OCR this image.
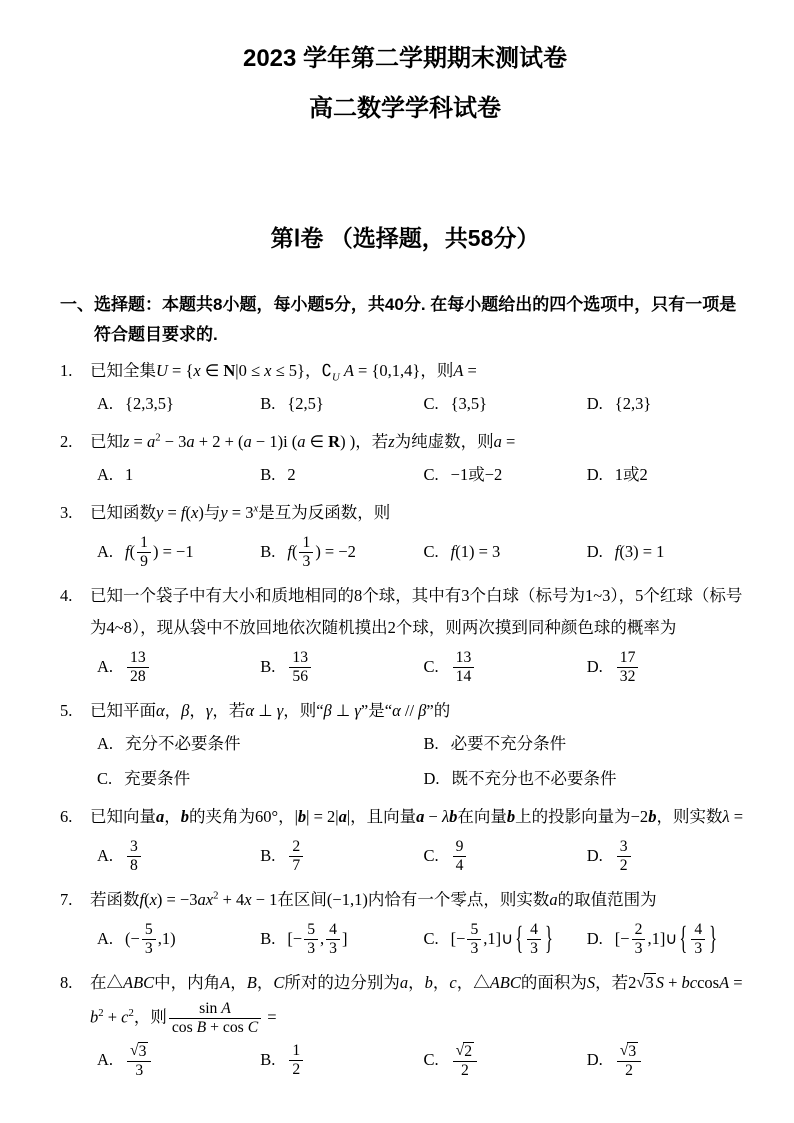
2023 学年第二学期期末测试卷
高二数学学科试卷
第Ⅰ卷 （选择题，共58分）

一、选择题：本题共8小题，每小题5分，共40分. 在每小题给出的四个选项中，只有一项是符合题目要求的.

1. 已知全集U = {x ∈ N|0 ≤ x ≤ 5}，$∁_U$ A = {0,1,4}，则A =
A. {2,3,5}	B. {2,5}	C. {3,5}	D. {2,3}
2. 已知$z = a^2 - 3a + 2 + (a - 1)i$ (a ∈ R) )，若z为纯虚数，则a =
A. 1	B. 2	C. −1 或 −2	D. 1 或 2
3. 已知函数y = f(x)与$y = 3^x$是互为反函数，则
A. f ( $\frac{1}{9}$ ) = −1	B. f ( $\frac{1}{3}$ ) = −2	C. f (1) = 3	D. f (3) = 1
4. 已知一个袋子中有大小和质地相同的8个球，其中有3个白球（标号为1~3），5个红球（标号为4~8），现从袋中不放回地依次随机摸出2个球，则两次摸到同种颜色球的概率为
A. $\frac{13}{28}$	B. $\frac{13}{56}$	C. $\frac{13}{14}$	D. $\frac{17}{32}$
5. 已知平面α，β，γ，若α ⊥ γ，则“β ⊥ γ”是“α // β”的
A. 充分不必要条件	B. 必要不充分条件
C. 充要条件	D. 既不充分也不必要条件
6. 已知向量a，b的夹角为60°，|b| = 2|a|，且向量a − λb在向量b上的投影向量为−2b，则实数λ =
A. $\frac{3}{8}$	B. $\frac{2}{7}$	C. $\frac{9}{4}$	D. $\frac{3}{2}$
7. 若函数$f(x) = -3ax^2 + 4x - 1$在区间(−1,1)内恰有一个零点，则实数a的取值范围为
A. (− $\frac{5}{3} ,1$)	B. [− $\frac{5}{3}$ , $\frac{4}{3}$ ]	C. [− $\frac{5}{3}$ ,1]∪ { $\frac{4}{3}$ } D. [− $\frac{2}{3}$ ,1]∪ { $\frac{4}{3}$ }
8. 在△ABC中，内角A，B，C所对的边分别为a，b，c，△ABC的面积为S，若2√3 $S + bccosA = b^2 + c^2$，则 $\frac{\text{sin A}}{\text{cos B + cos C}}$ =
A. $\frac{√3}{3}$	B. $\frac{1}{2}$	C. $\frac{√2}{2}$	D. $\frac{√3}{2}$
